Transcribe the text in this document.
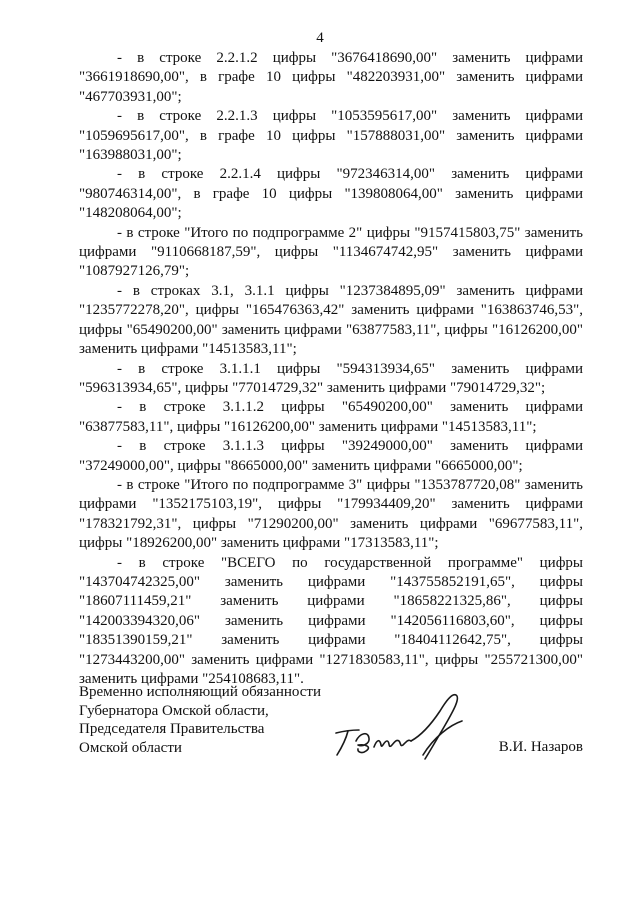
4

- в строке 2.2.1.2 цифры "3676418690,00" заменить цифрами "3661918690,00", в графе 10 цифры "482203931,00" заменить цифрами "467703931,00";

- в строке 2.2.1.3 цифры "1053595617,00" заменить цифрами "1059695617,00", в графе 10 цифры "157888031,00" заменить цифрами "163988031,00";

- в строке 2.2.1.4 цифры "972346314,00" заменить цифрами "980746314,00", в графе 10 цифры "139808064,00" заменить цифрами "148208064,00";

- в строке "Итого по подпрограмме 2" цифры "9157415803,75" заменить цифрами "9110668187,59", цифры "1134674742,95" заменить цифрами "1087927126,79";

- в строках 3.1, 3.1.1 цифры "1237384895,09" заменить цифрами "1235772278,20", цифры "165476363,42" заменить цифрами "163863746,53", цифры "65490200,00" заменить цифрами "63877583,11", цифры "16126200,00" заменить цифрами "14513583,11";

- в строке 3.1.1.1 цифры "594313934,65" заменить цифрами "596313934,65", цифры "77014729,32" заменить цифрами "79014729,32";

- в строке 3.1.1.2 цифры "65490200,00" заменить цифрами "63877583,11", цифры "16126200,00" заменить цифрами "14513583,11";

- в строке 3.1.1.3 цифры "39249000,00" заменить цифрами "37249000,00", цифры "8665000,00" заменить цифрами "6665000,00";

- в строке "Итого по подпрограмме 3" цифры "1353787720,08" заменить цифрами "1352175103,19", цифры "179934409,20" заменить цифрами "178321792,31", цифры "71290200,00" заменить цифрами "69677583,11", цифры "18926200,00" заменить цифрами "17313583,11";

- в строке "ВСЕГО по государственной программе" цифры "143704742325,00" заменить цифрами "143755852191,65", цифры "18607111459,21" заменить цифрами "18658221325,86", цифры "142003394320,06" заменить цифрами "142056116803,60", цифры "18351390159,21" заменить цифрами "18404112642,75", цифры "1273443200,00" заменить цифрами "1271830583,11", цифры "255721300,00" заменить цифрами "254108683,11".

Временно исполняющий обязанности
Губернатора Омской области,
Председателя Правительства
Омской области	В.И. Назаров
